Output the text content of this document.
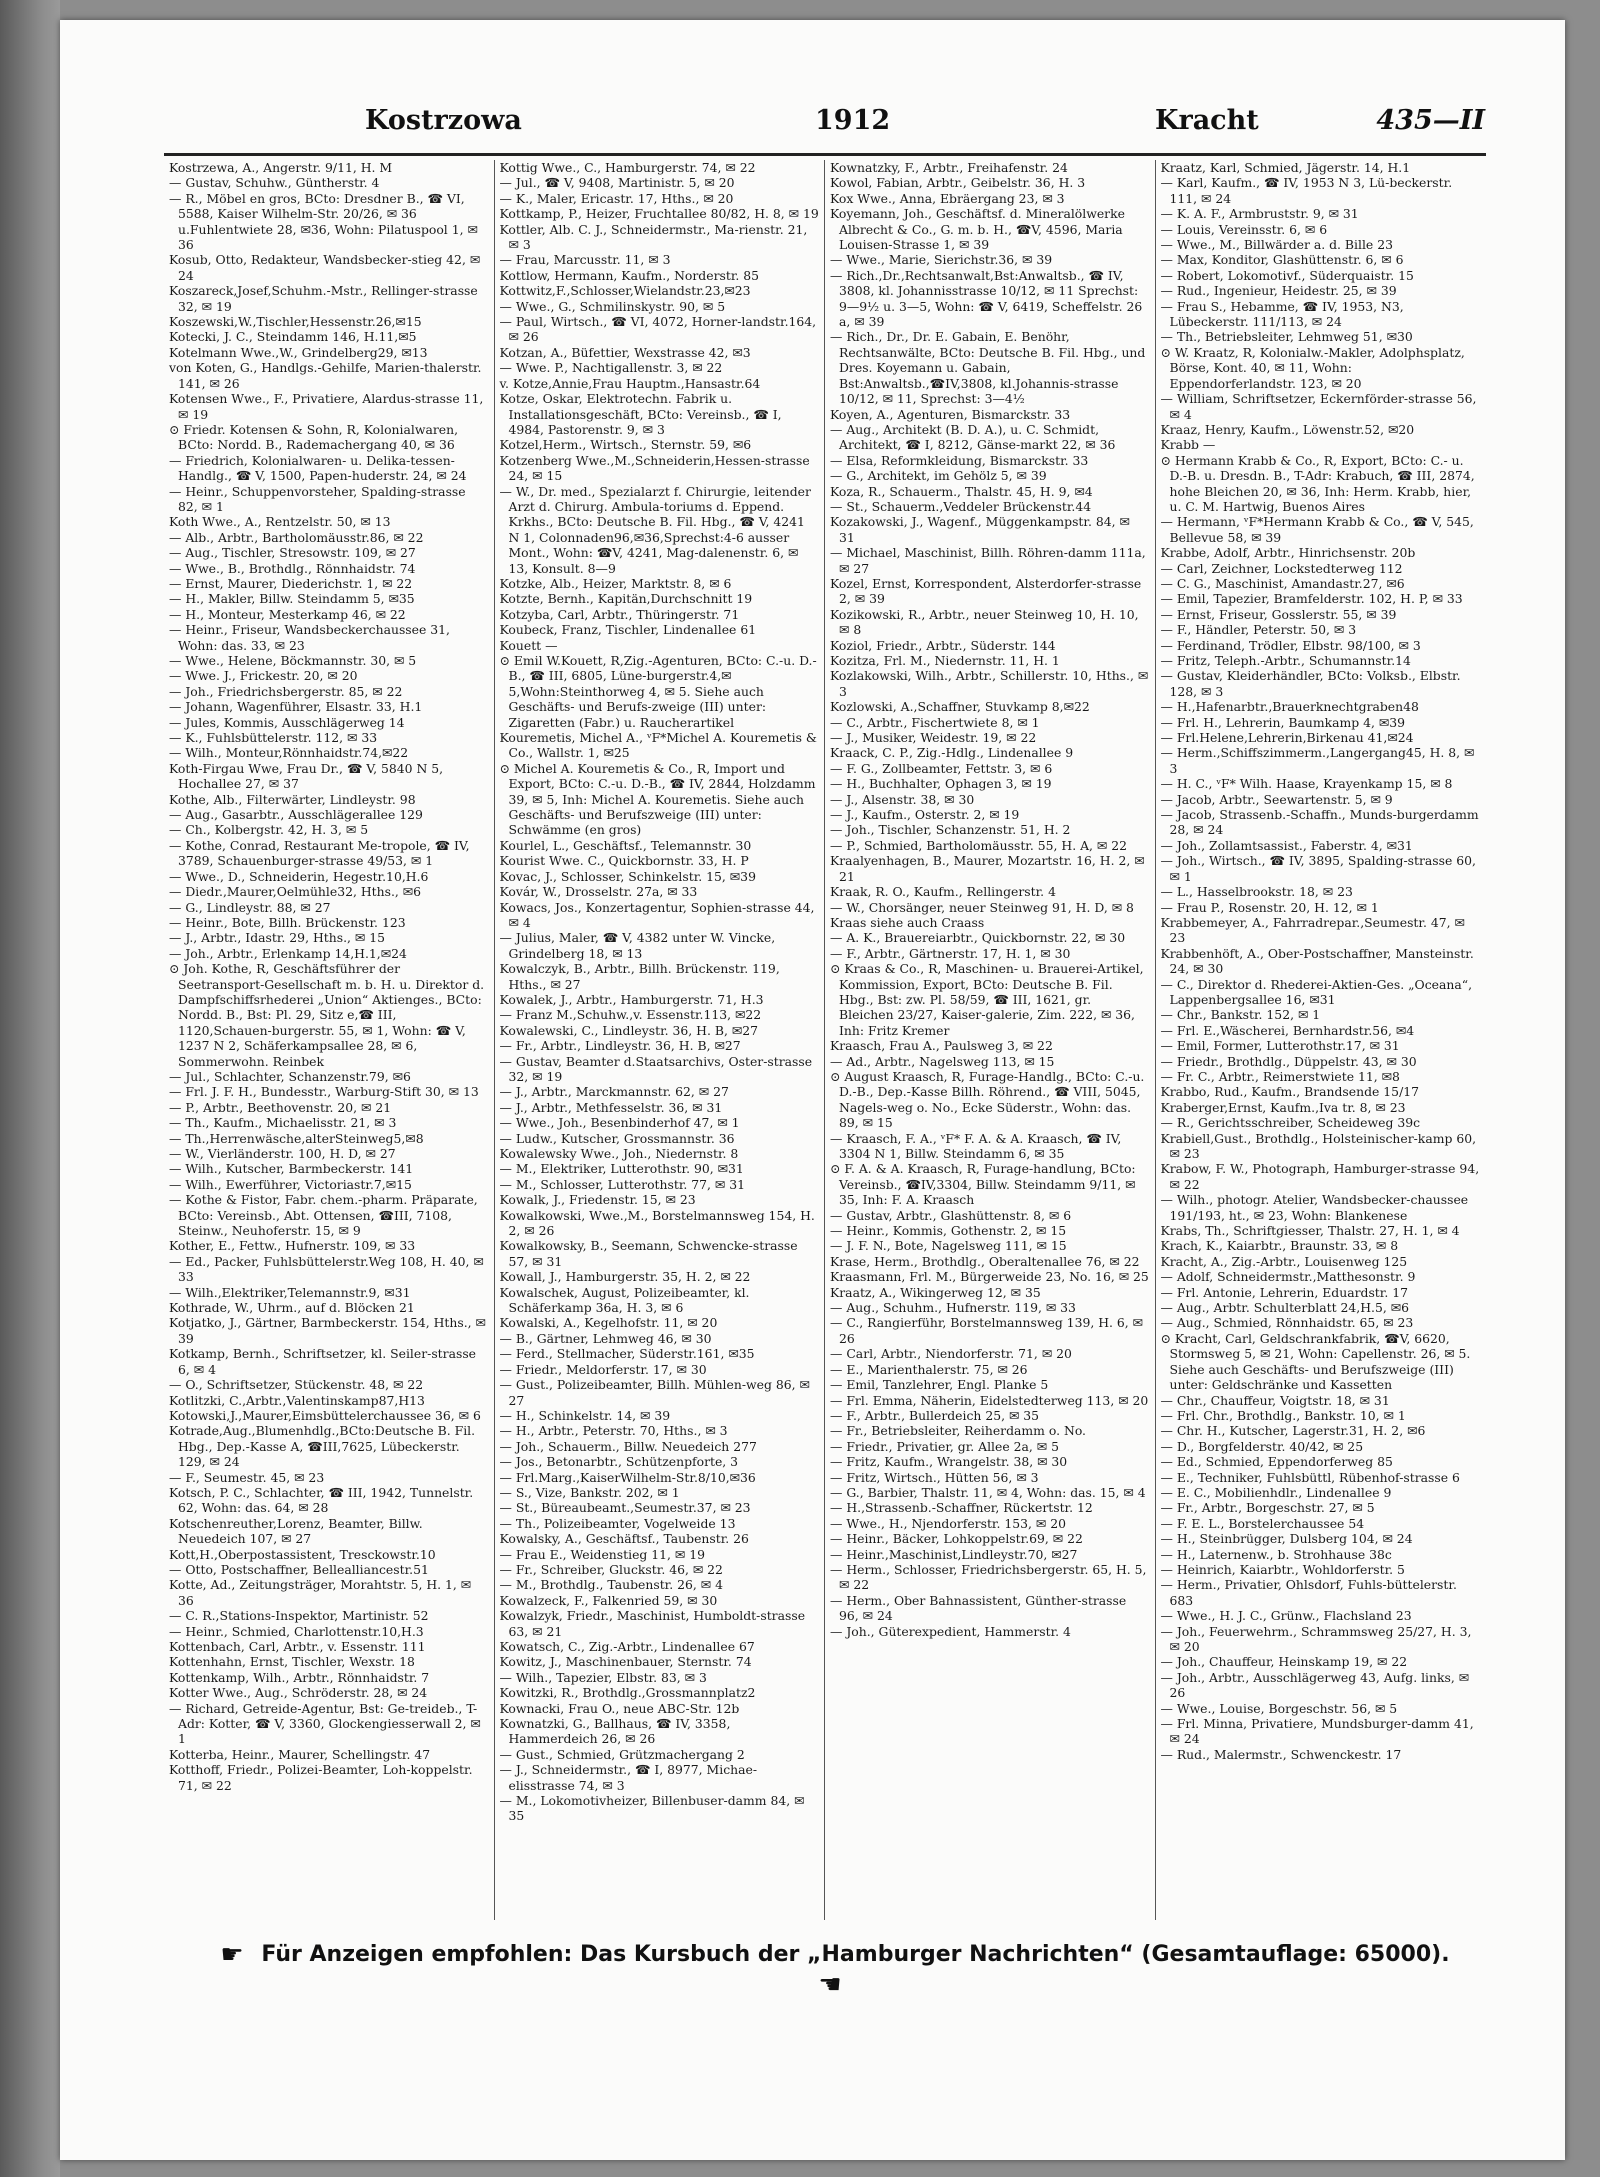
Kostrzowa	1912	Kracht	435—II

Kostrzewa, A., Angerstr. 9/11, H. M

— Gustav, Schuhw., Güntherstr. 4

— R., Möbel en gros, BCto: Dresdner B., ☎ VI, 5588, Kaiser Wilhelm-Str. 20/26, ✉ 36 u.Fuhlentwiete 28, ✉36, Wohn: Pilatuspool 1, ✉ 36

Kosub, Otto, Redakteur, Wandsbecker-stieg 42, ✉ 24

Koszareck,Josef,Schuhm.-Mstr., Rellinger-strasse 32, ✉ 19

Koszewski,W.,Tischler,Hessenstr.26,✉15

Kotecki, J. C., Steindamm 146, H.11,✉5

Kotelmann Wwe.,W., Grindelberg29, ✉13

von Koten, G., Handlgs.-Gehilfe, Marien-thalerstr. 141, ✉ 26

Kotensen Wwe., F., Privatiere, Alardus-strasse 11, ✉ 19

⊙ Friedr. Kotensen & Sohn, R, Kolonialwaren, BCto: Nordd. B., Rademachergang 40, ✉ 36

— Friedrich, Kolonialwaren- u. Delika-tessen-Handlg., ☎ V, 1500, Papen-huderstr. 24, ✉ 24

— Heinr., Schuppenvorsteher, Spalding-strasse 82, ✉ 1

Koth Wwe., A., Rentzelstr. 50, ✉ 13

— Alb., Arbtr., Bartholomäusstr.86, ✉ 22

— Aug., Tischler, Stresowstr. 109, ✉ 27

— Wwe., B., Brothdlg., Rönnhaidstr. 74

— Ernst, Maurer, Diederichstr. 1, ✉ 22

— H., Makler, Billw. Steindamm 5, ✉35

— H., Monteur, Mesterkamp 46, ✉ 22

— Heinr., Friseur, Wandsbeckerchaussee 31, Wohn: das. 33, ✉ 23

— Wwe., Helene, Böckmannstr. 30, ✉ 5

— Wwe. J., Frickestr. 20, ✉ 20

— Joh., Friedrichsbergerstr. 85, ✉ 22

— Johann, Wagenführer, Elsastr. 33, H.1

— Jules, Kommis, Ausschlägerweg 14

— K., Fuhlsbüttelerstr. 112, ✉ 33

— Wilh., Monteur,Rönnhaidstr.74,✉22

Koth-Firgau Wwe, Frau Dr., ☎ V, 5840 N 5, Hochallee 27, ✉ 37

Kothe, Alb., Filterwärter, Lindleystr. 98

— Aug., Gasarbtr., Ausschlägerallee 129

— Ch., Kolbergstr. 42, H. 3, ✉ 5

— Kothe, Conrad, Restaurant Me-tropole, ☎ IV, 3789, Schauenburger-strasse 49/53, ✉ 1

— Wwe., D., Schneiderin, Hegestr.10,H.6

— Diedr.,Maurer,Oelmühle32, Hths., ✉6

— G., Lindleystr. 88, ✉ 27

— Heinr., Bote, Billh. Brückenstr. 123

— J., Arbtr., Idastr. 29, Hths., ✉ 15

— Joh., Arbtr., Erlenkamp 14,H.1,✉24

⊙ Joh. Kothe, R, Geschäftsführer der Seetransport-Gesellschaft m. b. H. u. Direktor d. Dampfschiffsrhederei „Union“ Aktienges., BCto: Nordd. B., Bst: Pl. 29, Sitz e,☎ III, 1120,Schauen-burgerstr. 55, ✉ 1, Wohn: ☎ V, 1237 N 2, Schäferkampsallee 28, ✉ 6, Sommerwohn. Reinbek

— Jul., Schlachter, Schanzenstr.79, ✉6

— Frl. J. F. H., Bundesstr., Warburg-Stift 30, ✉ 13

— P., Arbtr., Beethovenstr. 20, ✉ 21

— Th., Kaufm., Michaelisstr. 21, ✉ 3

— Th.,Herrenwäsche,alterSteinweg5,✉8

— W., Vierländerstr. 100, H. D, ✉ 27

— Wilh., Kutscher, Barmbeckerstr. 141

— Wilh., Ewerführer, Victoriastr.7,✉15

— Kothe & Fistor, Fabr. chem.-pharm. Präparate, BCto: Vereinsb., Abt. Ottensen, ☎III, 7108, Steinw., Neuhoferstr. 15, ✉ 9

Kother, E., Fettw., Hufnerstr. 109, ✉ 33

— Ed., Packer, Fuhlsbüttelerstr.Weg 108, H. 40, ✉ 33

— Wilh.,Elektriker,Telemannstr.9, ✉31

Kothrade, W., Uhrm., auf d. Blöcken 21

Kotjatko, J., Gärtner, Barmbeckerstr. 154, Hths., ✉ 39

Kotkamp, Bernh., Schriftsetzer, kl. Seiler-strasse 6, ✉ 4

— O., Schriftsetzer, Stückenstr. 48, ✉ 22

Kotlitzki, C.,Arbtr.,Valentinskamp87,H13

Kotowski,J.,Maurer,Eimsbüttelerchaussee 36, ✉ 6

Kotrade,Aug.,Blumenhdlg.,BCto:Deutsche B. Fil. Hbg., Dep.-Kasse A, ☎III,7625, Lübeckerstr. 129, ✉ 24

— F., Seumestr. 45, ✉ 23

Kotsch, P. C., Schlachter, ☎ III, 1942, Tunnelstr. 62, Wohn: das. 64, ✉ 28

Kotschenreuther,Lorenz, Beamter, Billw. Neuedeich 107, ✉ 27

Kott,H.,Oberpostassistent, Tresckowstr.10

— Otto, Postschaffner, Bellealliancestr.51

Kotte, Ad., Zeitungsträger, Morahtstr. 5, H. 1, ✉ 36

— C. R.,Stations-Inspektor, Martinistr. 52

— Heinr., Schmied, Charlottenstr.10,H.3

Kottenbach, Carl, Arbtr., v. Essenstr. 111

Kottenhahn, Ernst, Tischler, Wexstr. 18

Kottenkamp, Wilh., Arbtr., Rönnhaidstr. 7

Kotter Wwe., Aug., Schröderstr. 28, ✉ 24

— Richard, Getreide-Agentur, Bst: Ge-treideb., T-Adr: Kotter, ☎ V, 3360, Glockengiesserwall 2, ✉ 1

Kotterba, Heinr., Maurer, Schellingstr. 47

Kotthoff, Friedr., Polizei-Beamter, Loh-koppelstr. 71, ✉ 22

Kottig Wwe., C., Hamburgerstr. 74, ✉ 22

— Jul., ☎ V, 9408, Martinistr. 5, ✉ 20

— K., Maler, Ericastr. 17, Hths., ✉ 20

Kottkamp, P., Heizer, Fruchtallee 80/82, H. 8, ✉ 19

Kottler, Alb. C. J., Schneidermstr., Ma-rienstr. 21, ✉ 3

— Frau, Marcusstr. 11, ✉ 3

Kottlow, Hermann, Kaufm., Norderstr. 85

Kottwitz,F.,Schlosser,Wielandstr.23,✉23

— Wwe., G., Schmilinskystr. 90, ✉ 5

— Paul, Wirtsch., ☎ VI, 4072, Horner-landstr.164, ✉ 26

Kotzan, A., Büfettier, Wexstrasse 42, ✉3

— Wwe. P., Nachtigallenstr. 3, ✉ 22

v. Kotze,Annie,Frau Hauptm.,Hansastr.64

Kotze, Oskar, Elektrotechn. Fabrik u. Installationsgeschäft, BCto: Vereinsb., ☎ I, 4984, Pastorenstr. 9, ✉ 3

Kotzel,Herm., Wirtsch., Sternstr. 59, ✉6

Kotzenberg Wwe.,M.,Schneiderin,Hessen-strasse 24, ✉ 15

— W., Dr. med., Spezialarzt f. Chirurgie, leitender Arzt d. Chirurg. Ambula-toriums d. Eppend. Krkhs., BCto: Deutsche B. Fil. Hbg., ☎ V, 4241 N 1, Colonnaden96,✉36,Sprechst:4-6 ausser Mont., Wohn: ☎V, 4241, Mag-dalenenstr. 6, ✉ 13, Konsult. 8—9

Kotzke, Alb., Heizer, Marktstr. 8, ✉ 6

Kotzte, Bernh., Kapitän,Durchschnitt 19

Kotzyba, Carl, Arbtr., Thüringerstr. 71

Koubeck, Franz, Tischler, Lindenallee 61

Kouett —

⊙ Emil W.Kouett, R,Zig.-Agenturen, BCto: C.-u. D.-B., ☎ III, 6805, Lüne-burgerstr.4,✉5,Wohn:Steinthorweg 4, ✉ 5. Siehe auch Geschäfts- und Berufs-zweige (III) unter: Zigaretten (Fabr.) u. Raucherartikel

Kouremetis, Michel A., ᵛF*Michel A. Kouremetis & Co., Wallstr. 1, ✉25

⊙ Michel A. Kouremetis & Co., R, Import und Export, BCto: C.-u. D.-B., ☎ IV, 2844, Holzdamm 39, ✉ 5, Inh: Michel A. Kouremetis. Siehe auch Geschäfts- und Berufszweige (III) unter: Schwämme (en gros)

Kourlel, L., Geschäftsf., Telemannstr. 30

Kourist Wwe. C., Quickbornstr. 33, H. P

Kovac, J., Schlosser, Schinkelstr. 15, ✉39

Kovár, W., Drosselstr. 27a, ✉ 33

Kowacs, Jos., Konzertagentur, Sophien-strasse 44, ✉ 4

— Julius, Maler, ☎ V, 4382 unter W. Vincke, Grindelberg 18, ✉ 13

Kowalczyk, B., Arbtr., Billh. Brückenstr. 119, Hths., ✉ 27

Kowalek, J., Arbtr., Hamburgerstr. 71, H.3

— Franz M.,Schuhw.,v. Essenstr.113, ✉22

Kowalewski, C., Lindleystr. 36, H. B, ✉27

— Fr., Arbtr., Lindleystr. 36, H. B, ✉27

— Gustav, Beamter d.Staatsarchivs, Oster-strasse 32, ✉ 19

— J., Arbtr., Marckmannstr. 62, ✉ 27

— J., Arbtr., Methfesselstr. 36, ✉ 31

— Wwe., Joh., Besenbinderhof 47, ✉ 1

— Ludw., Kutscher, Grossmannstr. 36

Kowalewsky Wwe., Joh., Niedernstr. 8

— M., Elektriker, Lutterothstr. 90, ✉31

— M., Schlosser, Lutterothstr. 77, ✉ 31

Kowalk, J., Friedenstr. 15, ✉ 23

Kowalkowski, Wwe.,M., Borstelmannsweg 154, H. 2, ✉ 26

Kowalkowsky, B., Seemann, Schwencke-strasse 57, ✉ 31

Kowall, J., Hamburgerstr. 35, H. 2, ✉ 22

Kowalschek, August, Polizeibeamter, kl. Schäferkamp 36a, H. 3, ✉ 6

Kowalski, A., Kegelhofstr. 11, ✉ 20

— B., Gärtner, Lehmweg 46, ✉ 30

— Ferd., Stellmacher, Süderstr.161, ✉35

— Friedr., Meldorferstr. 17, ✉ 30

— Gust., Polizeibeamter, Billh. Mühlen-weg 86, ✉ 27

— H., Schinkelstr. 14, ✉ 39

— H., Arbtr., Peterstr. 70, Hths., ✉ 3

— Joh., Schauerm., Billw. Neuedeich 277

— Jos., Betonarbtr., Schützenpforte, 3

— Frl.Marg.,KaiserWilhelm-Str.8/10,✉36

— S., Vize, Bankstr. 202, ✉ 1

— St., Büreaubeamt.,Seumestr.37, ✉ 23

— Th., Polizeibeamter, Vogelweide 13

Kowalsky, A., Geschäftsf., Taubenstr. 26

— Frau E., Weidenstieg 11, ✉ 19

— Fr., Schreiber, Gluckstr. 46, ✉ 22

— M., Brothdlg., Taubenstr. 26, ✉ 4

Kowalzeck, F., Falkenried 59, ✉ 30

Kowalzyk, Friedr., Maschinist, Humboldt-strasse 63, ✉ 21

Kowatsch, C., Zig.-Arbtr., Lindenallee 67

Kowitz, J., Maschinenbauer, Sternstr. 74

— Wilh., Tapezier, Elbstr. 83, ✉ 3

Kowitzki, R., Brothdlg.,Grossmannplatz2

Kownacki, Frau O., neue ABC-Str. 12b

Kownatzki, G., Ballhaus, ☎ IV, 3358, Hammerdeich 26, ✉ 26

— Gust., Schmied, Grützmachergang 2

— J., Schneidermstr., ☎ I, 8977, Michae-elisstrasse 74, ✉ 3

— M., Lokomotivheizer, Billenbuser-damm 84, ✉ 35

Kownatzky, F., Arbtr., Freihafenstr. 24

Kowol, Fabian, Arbtr., Geibelstr. 36, H. 3

Kox Wwe., Anna, Ebräergang 23, ✉ 3

Koyemann, Joh., Geschäftsf. d. Mineralölwerke Albrecht & Co., G. m. b. H., ☎V, 4596, Maria Louisen-Strasse 1, ✉ 39

— Wwe., Marie, Sierichstr.36, ✉ 39

— Rich.,Dr.,Rechtsanwalt,Bst:Anwaltsb., ☎ IV, 3808, kl. Johannisstrasse 10/12, ✉ 11 Sprechst: 9—9½ u. 3—5, Wohn: ☎ V, 6419, Scheffelstr. 26 a, ✉ 39

— Rich., Dr., Dr. E. Gabain, E. Benöhr, Rechtsanwälte, BCto: Deutsche B. Fil. Hbg., und Dres. Koyemann u. Gabain, Bst:Anwaltsb.,☎IV,3808, kl.Johannis-strasse 10/12, ✉ 11, Sprechst: 3—4½

Koyen, A., Agenturen, Bismarckstr. 33

— Aug., Architekt (B. D. A.), u. C. Schmidt, Architekt, ☎ I, 8212, Gänse-markt 22, ✉ 36

— Elsa, Reformkleidung, Bismarckstr. 33

— G., Architekt, im Gehölz 5, ✉ 39

Koza, R., Schauerm., Thalstr. 45, H. 9, ✉4

— St., Schauerm.,Veddeler Brückenstr.44

Kozakowski, J., Wagenf., Müggenkampstr. 84, ✉ 31

— Michael, Maschinist, Billh. Röhren-damm 111a, ✉ 27

Kozel, Ernst, Korrespondent, Alsterdorfer-strasse 2, ✉ 39

Kozikowski, R., Arbtr., neuer Steinweg 10, H. 10, ✉ 8

Koziol, Friedr., Arbtr., Süderstr. 144

Kozitza, Frl. M., Niedernstr. 11, H. 1

Kozlakowski, Wilh., Arbtr., Schillerstr. 10, Hths., ✉ 3

Kozlowski, A.,Schaffner, Stuvkamp 8,✉22

— C., Arbtr., Fischertwiete 8, ✉ 1

— J., Musiker, Weidestr. 19, ✉ 22

Kraack, C. P., Zig.-Hdlg., Lindenallee 9

— F. G., Zollbeamter, Fettstr. 3, ✉ 6

— H., Buchhalter, Ophagen 3, ✉ 19

— J., Alsenstr. 38, ✉ 30

— J., Kaufm., Osterstr. 2, ✉ 19

— Joh., Tischler, Schanzenstr. 51, H. 2

— P., Schmied, Bartholomäusstr. 55, H. A, ✉ 22

Kraalyenhagen, B., Maurer, Mozartstr. 16, H. 2, ✉ 21

Kraak, R. O., Kaufm., Rellingerstr. 4

— W., Chorsänger, neuer Steinweg 91, H. D, ✉ 8

Kraas siehe auch Craass

— A. K., Brauereiarbtr., Quickbornstr. 22, ✉ 30

— F., Arbtr., Gärtnerstr. 17, H. 1, ✉ 30

⊙ Kraas & Co., R, Maschinen- u. Brauerei-Artikel, Kommission, Export, BCto: Deutsche B. Fil. Hbg., Bst: zw. Pl. 58/59, ☎ III, 1621, gr. Bleichen 23/27, Kaiser-galerie, Zim. 222, ✉ 36, Inh: Fritz Kremer

Kraasch, Frau A., Paulsweg 3, ✉ 22

— Ad., Arbtr., Nagelsweg 113, ✉ 15

⊙ August Kraasch, R, Furage-Handlg., BCto: C.-u. D.-B., Dep.-Kasse Billh. Röhrend., ☎ VIII, 5045, Nagels-weg o. No., Ecke Süderstr., Wohn: das. 89, ✉ 15

— Kraasch, F. A., ᵛF* F. A. & A. Kraasch, ☎ IV, 3304 N 1, Billw. Steindamm 6, ✉ 35

⊙ F. A. & A. Kraasch, R, Furage-handlung, BCto: Vereinsb., ☎IV,3304, Billw. Steindamm 9/11, ✉ 35, Inh: F. A. Kraasch

— Gustav, Arbtr., Glashüttenstr. 8, ✉ 6

— Heinr., Kommis, Gothenstr. 2, ✉ 15

— J. F. N., Bote, Nagelsweg 111, ✉ 15

Krase, Herm., Brothdlg., Oberaltenallee 76, ✉ 22

Kraasmann, Frl. M., Bürgerweide 23, No. 16, ✉ 25

Kraatz, A., Wikingerweg 12, ✉ 35

— Aug., Schuhm., Hufnerstr. 119, ✉ 33

— C., Rangierführ, Borstelmannsweg 139, H. 6, ✉ 26

— Carl, Arbtr., Niendorferstr. 71, ✉ 20

— E., Marienthalerstr. 75, ✉ 26

— Emil, Tanzlehrer, Engl. Planke 5

— Frl. Emma, Näherin, Eidelstedterweg 113, ✉ 20

— F., Arbtr., Bullerdeich 25, ✉ 35

— Fr., Betriebsleiter, Reiherdamm o. No.

— Friedr., Privatier, gr. Allee 2a, ✉ 5

— Fritz, Kaufm., Wrangelstr. 38, ✉ 30

— Fritz, Wirtsch., Hütten 56, ✉ 3

— G., Barbier, Thalstr. 11, ✉ 4, Wohn: das. 15, ✉ 4

— H.,Strassenb.-Schaffner, Rückertstr. 12

— Wwe., H., Njendorferstr. 153, ✉ 20

— Heinr., Bäcker, Lohkoppelstr.69, ✉ 22

— Heinr.,Maschinist,Lindleystr.70, ✉27

— Herm., Schlosser, Friedrichsbergerstr. 65, H. 5, ✉ 22

— Herm., Ober Bahnassistent, Günther-strasse 96, ✉ 24

— Joh., Güterexpedient, Hammerstr. 4

Kraatz, Karl, Schmied, Jägerstr. 14, H.1

— Karl, Kaufm., ☎ IV, 1953 N 3, Lü-beckerstr. 111, ✉ 24

— K. A. F., Armbruststr. 9, ✉ 31

— Louis, Vereinsstr. 6, ✉ 6

— Wwe., M., Billwärder a. d. Bille 23

— Max, Konditor, Glashüttenstr. 6, ✉ 6

— Robert, Lokomotivf., Süderquaistr. 15

— Rud., Ingenieur, Heidestr. 25, ✉ 39

— Frau S., Hebamme, ☎ IV, 1953, N3, Lübeckerstr. 111/113, ✉ 24

— Th., Betriebsleiter, Lehmweg 51, ✉30

⊙ W. Kraatz, R, Kolonialw.-Makler, Adolphsplatz, Börse, Kont. 40, ✉ 11, Wohn: Eppendorferlandstr. 123, ✉ 20

— William, Schriftsetzer, Eckernförder-strasse 56, ✉ 4

Kraaz, Henry, Kaufm., Löwenstr.52, ✉20

Krabb —

⊙ Hermann Krabb & Co., R, Export, BCto: C.- u. D.-B. u. Dresdn. B., T-Adr: Krabuch, ☎ III, 2874, hohe Bleichen 20, ✉ 36, Inh: Herm. Krabb, hier, u. C. M. Hartwig, Buenos Aires

— Hermann, ᵛF*Hermann Krabb & Co., ☎ V, 545, Bellevue 58, ✉ 39

Krabbe, Adolf, Arbtr., Hinrichsenstr. 20b

— Carl, Zeichner, Lockstedterweg 112

— C. G., Maschinist, Amandastr.27, ✉6

— Emil, Tapezier, Bramfelderstr. 102, H. P, ✉ 33

— Ernst, Friseur, Gosslerstr. 55, ✉ 39

— F., Händler, Peterstr. 50, ✉ 3

— Ferdinand, Trödler, Elbstr. 98/100, ✉ 3

— Fritz, Teleph.-Arbtr., Schumannstr.14

— Gustav, Kleiderhändler, BCto: Volksb., Elbstr. 128, ✉ 3

— H.,Hafenarbtr.,Brauerknechtgraben48

— Frl. H., Lehrerin, Baumkamp 4, ✉39

— Frl.Helene,Lehrerin,Birkenau 41,✉24

— Herm.,Schiffszimmerm.,Langergang45, H. 8, ✉ 3

— H. C., ᵛF* Wilh. Haase, Krayenkamp 15, ✉ 8

— Jacob, Arbtr., Seewartenstr. 5, ✉ 9

— Jacob, Strassenb.-Schaffn., Munds-burgerdamm 28, ✉ 24

— Joh., Zollamtsassist., Faberstr. 4, ✉31

— Joh., Wirtsch., ☎ IV, 3895, Spalding-strasse 60, ✉ 1

— L., Hasselbrookstr. 18, ✉ 23

— Frau P., Rosenstr. 20, H. 12, ✉ 1

Krabbemeyer, A., Fahrradrepar.,Seumestr. 47, ✉ 23

Krabbenhöft, A., Ober-Postschaffner, Mansteinstr. 24, ✉ 30

— C., Direktor d. Rhederei-Aktien-Ges. „Oceana“, Lappenbergsallee 16, ✉31

— Chr., Bankstr. 152, ✉ 1

— Frl. E.,Wäscherei, Bernhardstr.56, ✉4

— Emil, Former, Lutterothstr.17, ✉ 31

— Friedr., Brothdlg., Düppelstr. 43, ✉ 30

— Fr. C., Arbtr., Reimerstwiete 11, ✉8

Krabbo, Rud., Kaufm., Brandsende 15/17

Kraberger,Ernst, Kaufm.,Iva tr. 8, ✉ 23

— R., Gerichtsschreiber, Scheideweg 39c

Krabiell,Gust., Brothdlg., Holsteinischer-kamp 60, ✉ 23

Krabow, F. W., Photograph, Hamburger-strasse 94, ✉ 22

— Wilh., photogr. Atelier, Wandsbecker-chaussee 191/193, ht., ✉ 23, Wohn: Blankenese

Krabs, Th., Schriftgiesser, Thalstr. 27, H. 1, ✉ 4

Krach, K., Kaiarbtr., Braunstr. 33, ✉ 8

Kracht, A., Zig.-Arbtr., Louisenweg 125

— Adolf, Schneidermstr.,Matthesonstr. 9

— Frl. Antonie, Lehrerin, Eduardstr. 17

— Aug., Arbtr. Schulterblatt 24,H.5, ✉6

— Aug., Schmied, Rönnhaidstr. 65, ✉ 23

⊙ Kracht, Carl, Geldschrankfabrik, ☎V, 6620, Stormsweg 5, ✉ 21, Wohn: Capellenstr. 26, ✉ 5. Siehe auch Geschäfts- und Berufszweige (III) unter: Geldschränke und Kassetten

— Chr., Chauffeur, Voigtstr. 18, ✉ 31

— Frl. Chr., Brothdlg., Bankstr. 10, ✉ 1

— Chr. H., Kutscher, Lagerstr.31, H. 2, ✉6

— D., Borgfelderstr. 40/42, ✉ 25

— Ed., Schmied, Eppendorferweg 85

— E., Techniker, Fuhlsbüttl, Rübenhof-strasse 6

— E. C., Mobilienhdlr., Lindenallee 9

— Fr., Arbtr., Borgeschstr. 27, ✉ 5

— F. E. L., Borstelerchaussee 54

— H., Steinbrügger, Dulsberg 104, ✉ 24

— H., Laternenw., b. Strohhause 38c

— Heinrich, Kaiarbtr., Wohldorferstr. 5

— Herm., Privatier, Ohlsdorf, Fuhls-büttelerstr. 683

— Wwe., H. J. C., Grünw., Flachsland 23

— Joh., Feuerwehrm., Schrammsweg 25/27, H. 3, ✉ 20

— Joh., Chauffeur, Heinskamp 19, ✉ 22

— Joh., Arbtr., Ausschlägerweg 43, Aufg. links, ✉ 26

— Wwe., Louise, Borgeschstr. 56, ✉ 5

— Frl. Minna, Privatiere, Mundsburger-damm 41, ✉ 24

— Rud., Malermstr., Schwenckestr. 17

☛ Für Anzeigen empfohlen: Das Kursbuch der „Hamburger Nachrichten“ (Gesamtauflage: 65000). ☚
